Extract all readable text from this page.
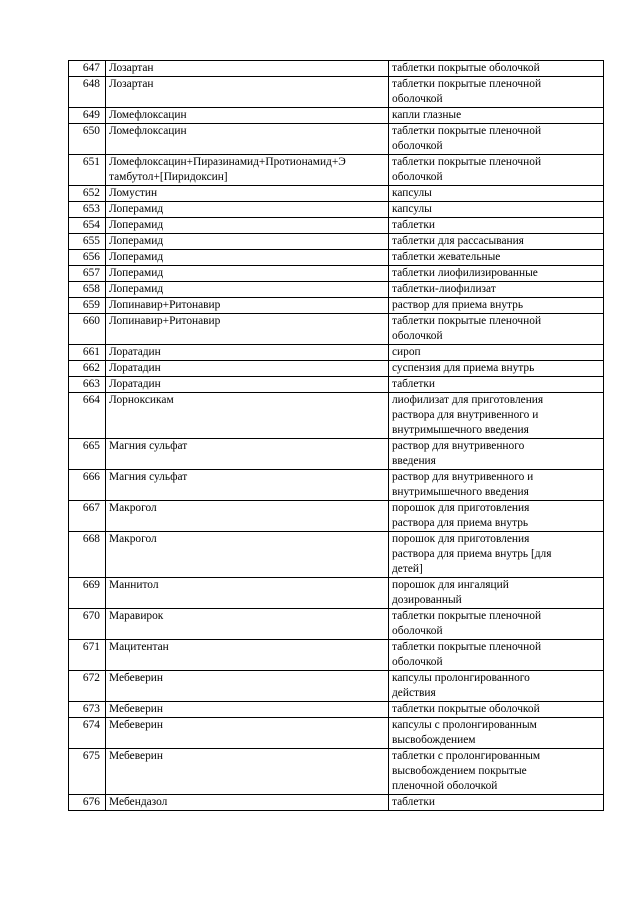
647	Лозартан	таблетки покрытые оболочкой
648	Лозартан	таблетки покрытые пленочной
оболочкой
649	Ломефлоксацин	капли глазные
650	Ломефлоксацин	таблетки покрытые пленочной
оболочкой
651	Ломефлоксацин+Пиразинамид+Протионамид+Э
тамбутол+[Пиридоксин]	таблетки покрытые пленочной
оболочкой
652	Ломустин	капсулы
653	Лоперамид	капсулы
654	Лоперамид	таблетки
655	Лоперамид	таблетки для рассасывания
656	Лоперамид	таблетки жевательные
657	Лоперамид	таблетки лиофилизированные
658	Лоперамид	таблетки-лиофилизат
659	Лопинавир+Ритонавир	раствор для приема внутрь
660	Лопинавир+Ритонавир	таблетки покрытые пленочной
оболочкой
661	Лоратадин	сироп
662	Лоратадин	суспензия для приема внутрь
663	Лоратадин	таблетки
664	Лорноксикам	лиофилизат для приготовления
раствора для внутривенного и
внутримышечного введения
665	Магния сульфат	раствор для внутривенного
введения
666	Магния сульфат	раствор для внутривенного и
внутримышечного введения
667	Макрогол	порошок для приготовления
раствора для приема внутрь
668	Макрогол	порошок для приготовления
раствора для приема внутрь [для
детей]
669	Маннитол	порошок для ингаляций
дозированный
670	Маравирок	таблетки покрытые пленочной
оболочкой
671	Мацитентан	таблетки покрытые пленочной
оболочкой
672	Мебеверин	капсулы пролонгированного
действия
673	Мебеверин	таблетки покрытые оболочкой
674	Мебеверин	капсулы с пролонгированным
высвобождением
675	Мебеверин	таблетки с пролонгированным
высвобождением покрытые
пленочной оболочкой
676	Мебендазол	таблетки
